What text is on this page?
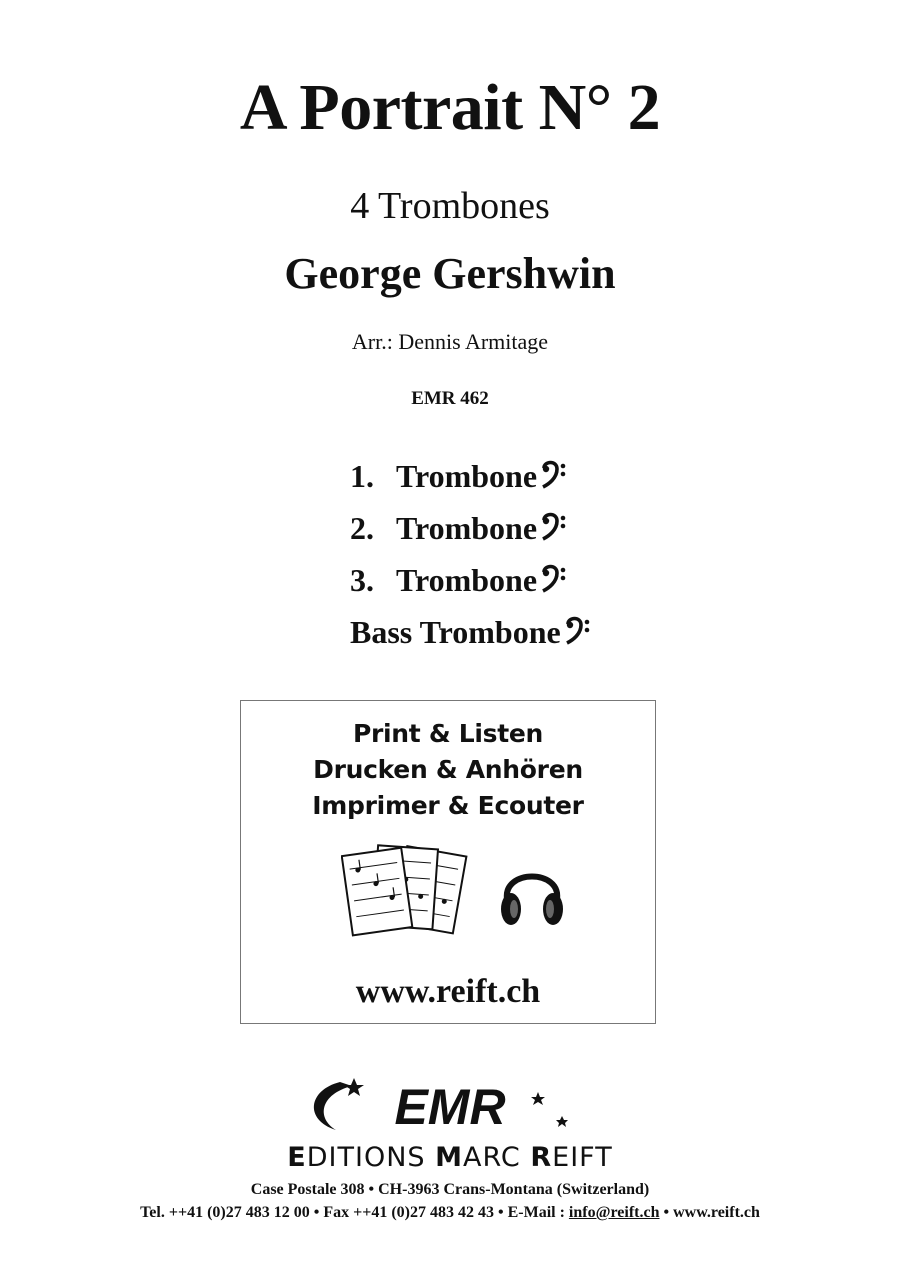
A Portrait N° 2
4 Trombones
George Gershwin
Arr.: Dennis Armitage
EMR 462
1. Trombone
2. Trombone
3. Trombone
Bass Trombone
Print & Listen
Drucken & Anhören
Imprimer & Ecouter
www.reift.ch
EMR
EDITIONS MARC REIFT
Case Postale 308 • CH-3963 Crans-Montana (Switzerland)
Tel. ++41 (0)27 483 12 00 • Fax ++41 (0)27 483 42 43 • E-Mail : info@reift.ch • www.reift.ch
